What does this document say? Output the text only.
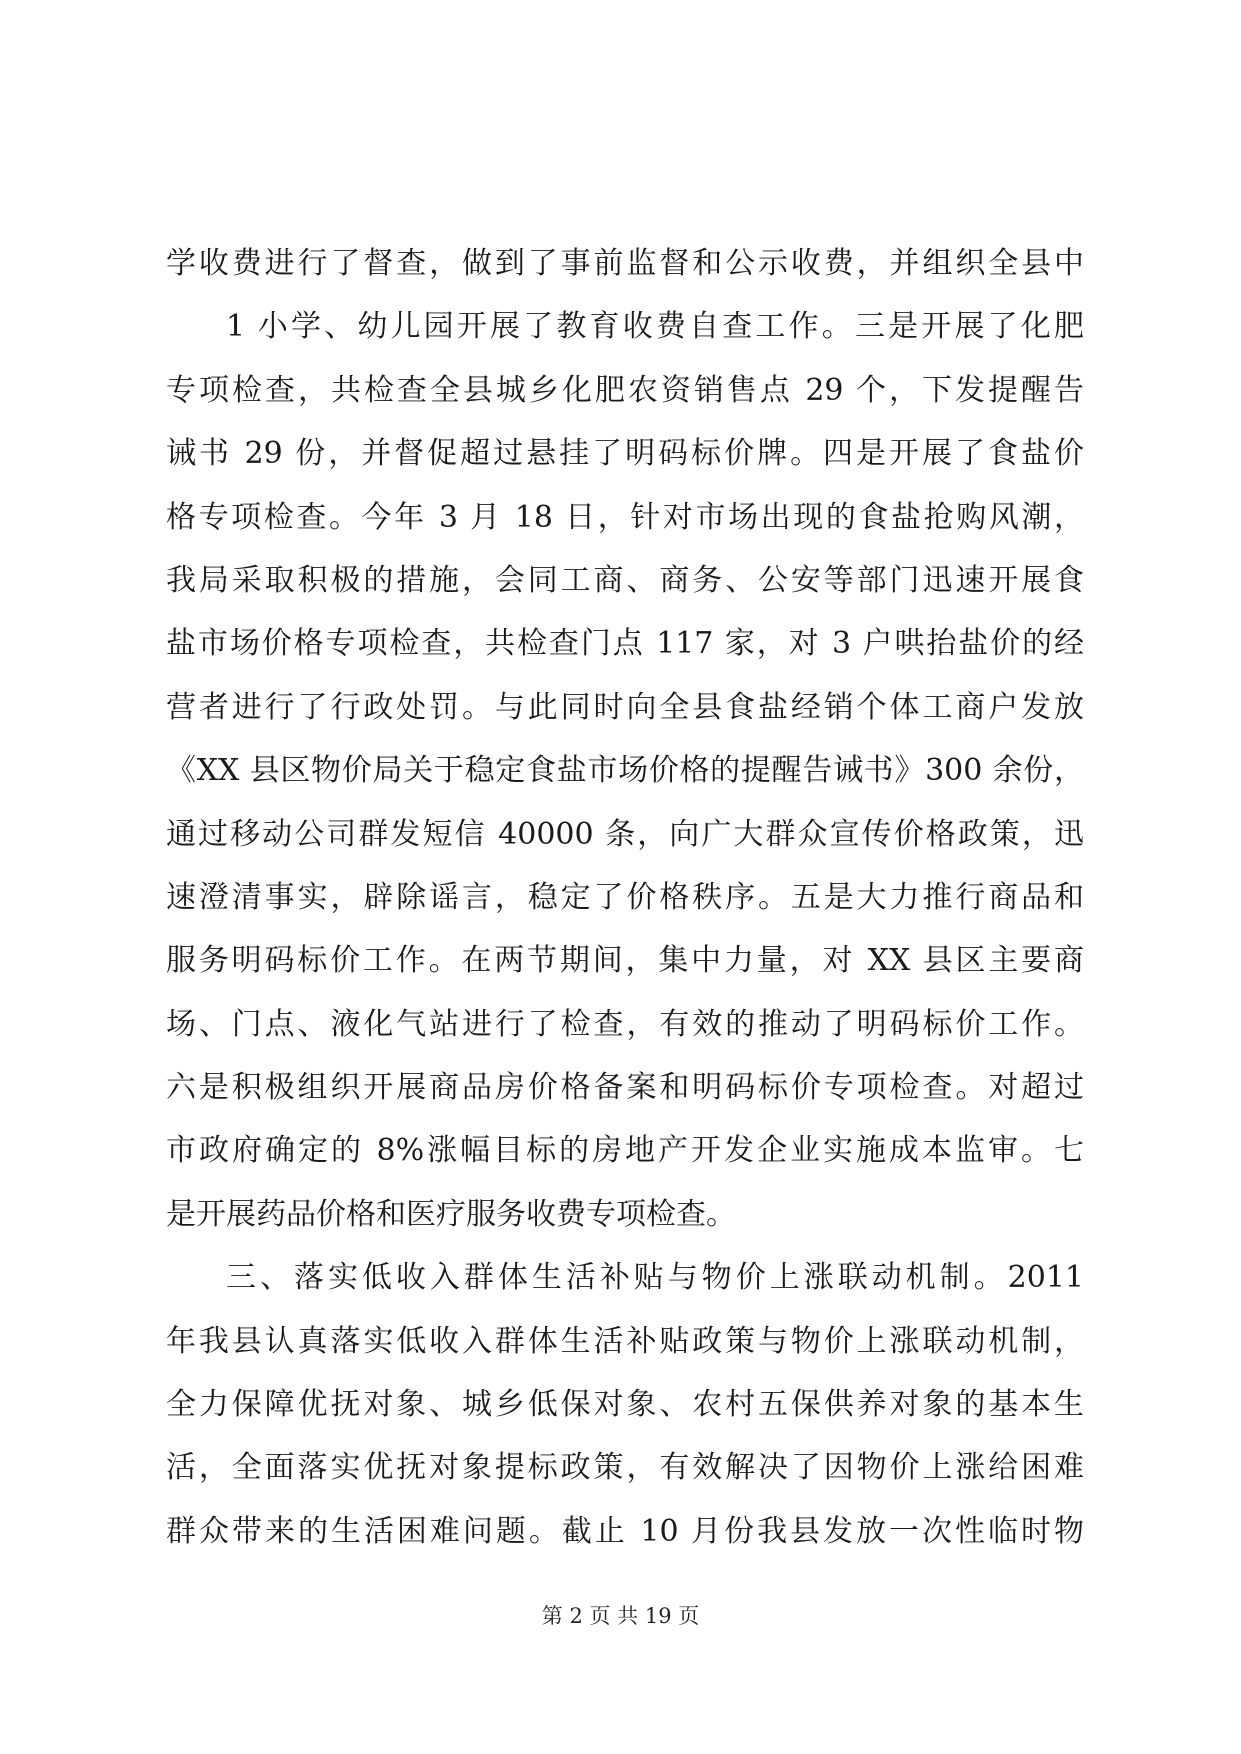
学收费进行了督查，做到了事前监督和公示收费，并组织全县中
1 小学、幼儿园开展了教育收费自查工作。三是开展了化肥
专项检查，共检查全县城乡化肥农资销售点 29 个，下发提醒告
诫书 29 份，并督促超过悬挂了明码标价牌。四是开展了食盐价
格专项检查。今年 3 月 18 日，针对市场出现的食盐抢购风潮，
我局采取积极的措施，会同工商、商务、公安等部门迅速开展食
盐市场价格专项检查，共检查门点 117 家，对 3 户哄抬盐价的经
营者进行了行政处罚。与此同时向全县食盐经销个体工商户发放
《XX 县区物价局关于稳定食盐市场价格的提醒告诫书》300 余份，
通过移动公司群发短信 40000 条，向广大群众宣传价格政策，迅
速澄清事实，辟除谣言，稳定了价格秩序。五是大力推行商品和
服务明码标价工作。在两节期间，集中力量，对 XX 县区主要商
场、门点、液化气站进行了检查，有效的推动了明码标价工作。
六是积极组织开展商品房价格备案和明码标价专项检查。对超过
市政府确定的 8%涨幅目标的房地产开发企业实施成本监审。七
是开展药品价格和医疗服务收费专项检查。
三、落实低收入群体生活补贴与物价上涨联动机制。2011
年我县认真落实低收入群体生活补贴政策与物价上涨联动机制，
全力保障优抚对象、城乡低保对象、农村五保供养对象的基本生
活，全面落实优抚对象提标政策，有效解决了因物价上涨给困难
群众带来的生活困难问题。截止 10 月份我县发放一次性临时物
第 2 页 共 19 页
